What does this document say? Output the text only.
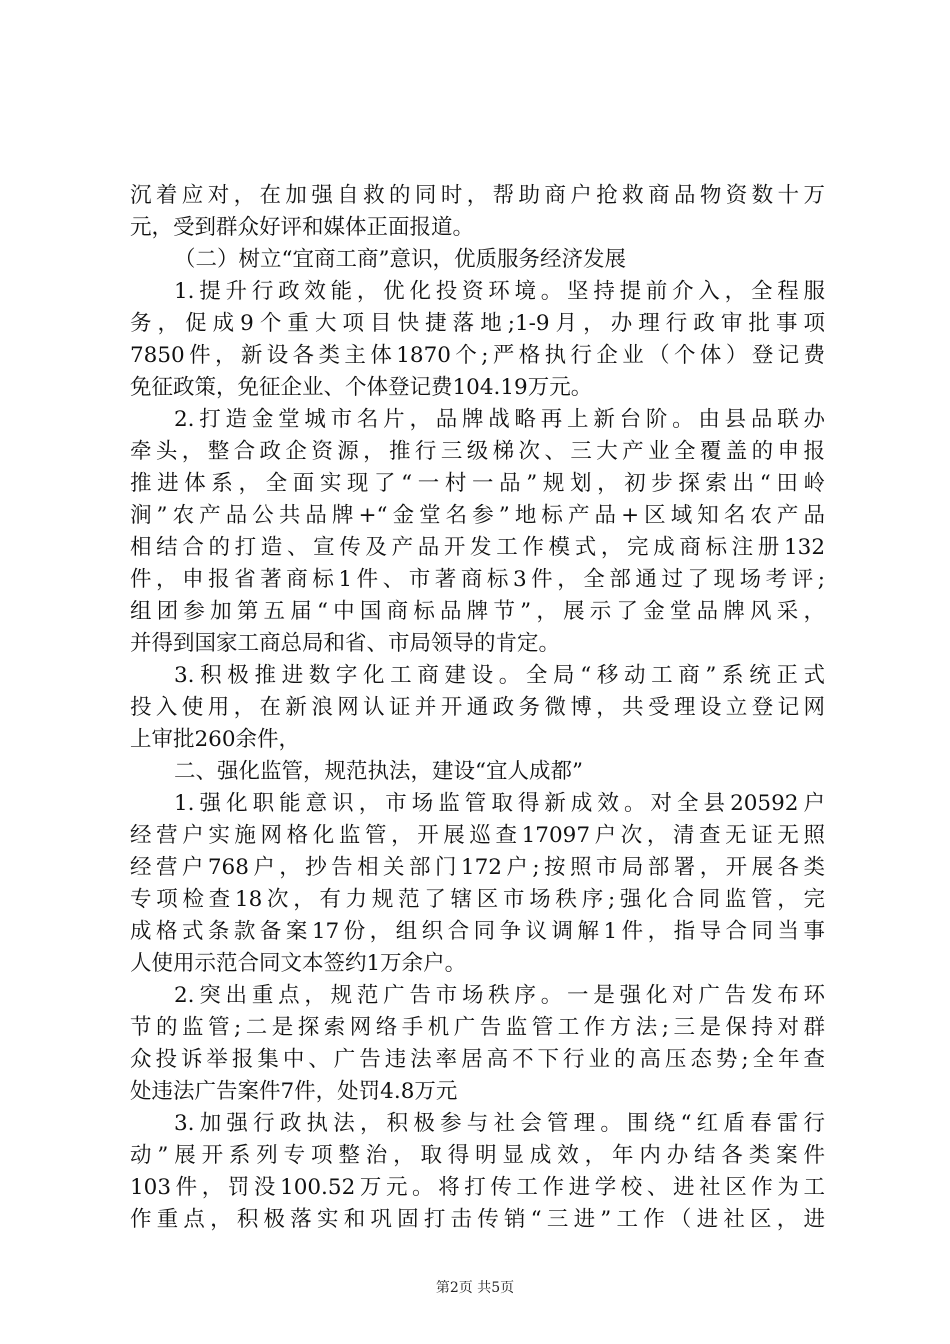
沉着应对，在加强自救的同时，帮助商户抢救商品物资数十万
元，受到群众好评和媒体正面报道。
（二）树立“宜商工商”意识，优质服务经济发展
1.提升行政效能，优化投资环境。坚持提前介入，全程服
务，促成9个重大项目快捷落地;1-9月，办理行政审批事项
7850件，新设各类主体1870个;严格执行企业（个体）登记费
免征政策，免征企业、个体登记费104.19万元。
2.打造金堂城市名片，品牌战略再上新台阶。由县品联办
牵头，整合政企资源，推行三级梯次、三大产业全覆盖的申报
推进体系，全面实现了“一村一品”规划，初步探索出“田岭
涧”农产品公共品牌+“金堂名参”地标产品+区域知名农产品
相结合的打造、宣传及产品开发工作模式，完成商标注册132
件，申报省著商标1件、市著商标3件，全部通过了现场考评;
组团参加第五届“中国商标品牌节”，展示了金堂品牌风采，
并得到国家工商总局和省、市局领导的肯定。
3.积极推进数字化工商建设。全局“移动工商”系统正式
投入使用，在新浪网认证并开通政务微博，共受理设立登记网
上审批260余件，
二、强化监管，规范执法，建设“宜人成都”
1.强化职能意识，市场监管取得新成效。对全县20592户
经营户实施网格化监管，开展巡查17097户次，清查无证无照
经营户768户，抄告相关部门172户;按照市局部署，开展各类
专项检查18次，有力规范了辖区市场秩序;强化合同监管，完
成格式条款备案17份，组织合同争议调解1件，指导合同当事
人使用示范合同文本签约1万余户。
2.突出重点，规范广告市场秩序。一是强化对广告发布环
节的监管;二是探索网络手机广告监管工作方法;三是保持对群
众投诉举报集中、广告违法率居高不下行业的高压态势;全年查
处违法广告案件7件，处罚4.8万元
3.加强行政执法，积极参与社会管理。围绕“红盾春雷行
动”展开系列专项整治，取得明显成效，年内办结各类案件
103件，罚没100.52万元。将打传工作进学校、进社区作为工
作重点，积极落实和巩固打击传销“三进”工作（进社区，进
第2页 共5页
